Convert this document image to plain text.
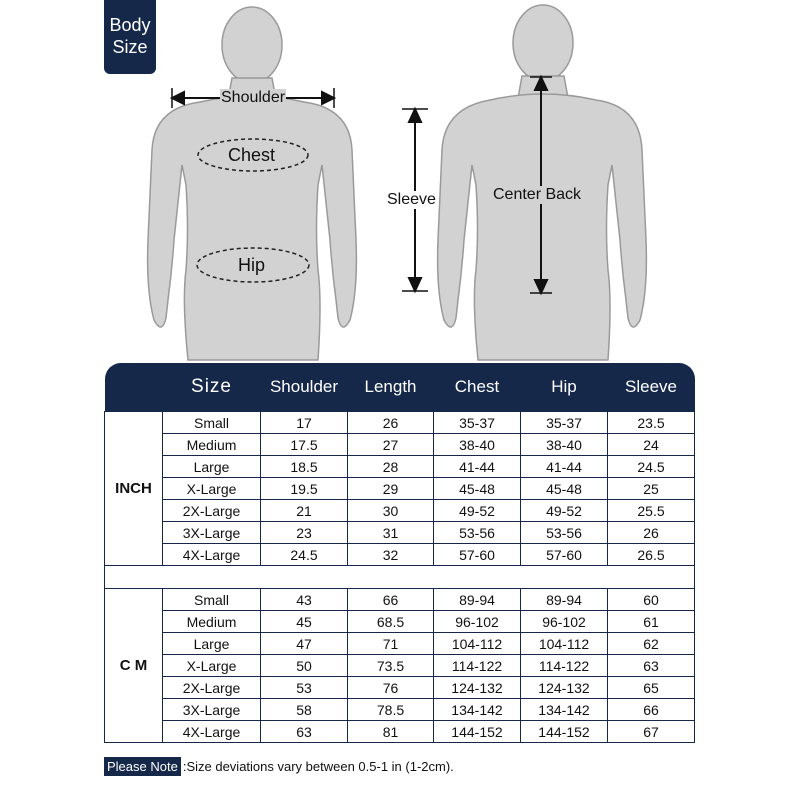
Body
Size
Shoulder
Chest
Hip
Sleeve	Center Back
	Size	Shoulder	Length	Chest	Hip	Sleeve
INCH	Small	17	26	35-37	35-37	23.5
	Medium	17.5	27	38-40	38-40	24
	Large	18.5	28	41-44	41-44	24.5
	X-Large	19.5	29	45-48	45-48	25
	2X-Large	21	30	49-52	49-52	25.5
	3X-Large	23	31	53-56	53-56	26
	4X-Large	24.5	32	57-60	57-60	26.5

C M	Small	43	66	89-94	89-94	60
	Medium	45	68.5	96-102	96-102	61
	Large	47	71	104-112	104-112	62
	X-Large	50	73.5	114-122	114-122	63
	2X-Large	53	76	124-132	124-132	65
	3X-Large	58	78.5	134-142	134-142	66
	4X-Large	63	81	144-152	144-152	67
Please Note :Size deviations vary between 0.5-1 in (1-2cm).
